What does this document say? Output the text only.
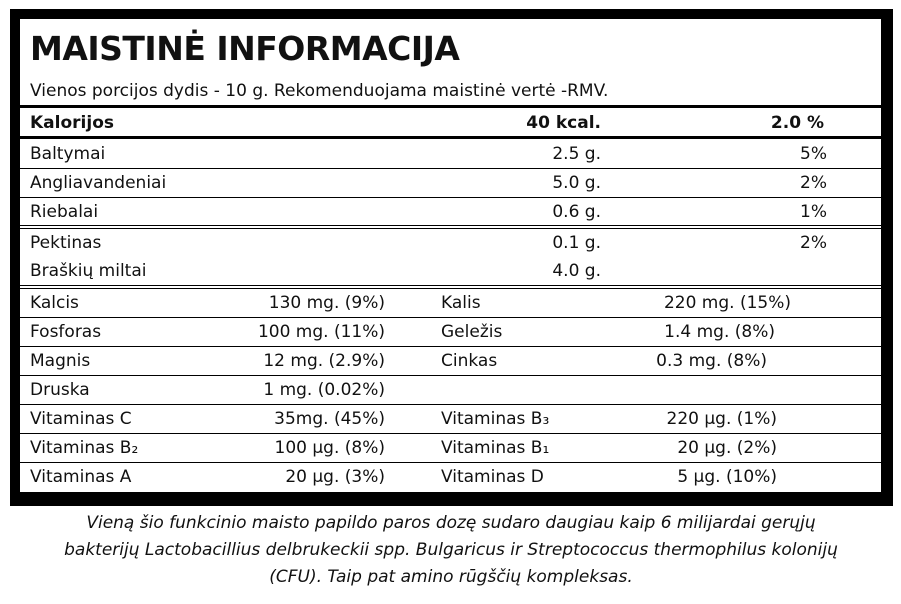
MAISTINĖ INFORMACIJA
Vienos porcijos dydis - 10 g. Rekomenduojama maistinė vertė -RMV.
Kalorijos	40 kcal.	2.0 %
Baltymai	2.5 g.	5%
Angliavandeniai	5.0 g.	2%
Riebalai	0.6 g.	1%
Pektinas	0.1 g.	2%
Braškių miltai	4.0 g.
Kalcis	130 mg. (9%)	Kalis	220 mg. (15%)
Fosforas	100 mg. (11%)	Geležis	1.4 mg. (8%)
Magnis	12 mg. (2.9%)	Cinkas	0.3 mg. (8%)
Druska	1 mg. (0.02%)
Vitaminas C	35mg. (45%)	Vitaminas B₃	220 µg. (1%)
Vitaminas B₂	100 µg. (8%)	Vitaminas B₁	20 µg. (2%)
Vitaminas A	20 µg. (3%)	Vitaminas D	5 µg. (10%)
Vieną šio funkcinio maisto papildo paros dozę sudaro daugiau kaip 6 milijardai gerųjų
bakterijų Lactobacillius delbrukeckii spp. Bulgaricus ir Streptococcus thermophilus kolonijų
(CFU). Taip pat amino rūgščių kompleksas.
